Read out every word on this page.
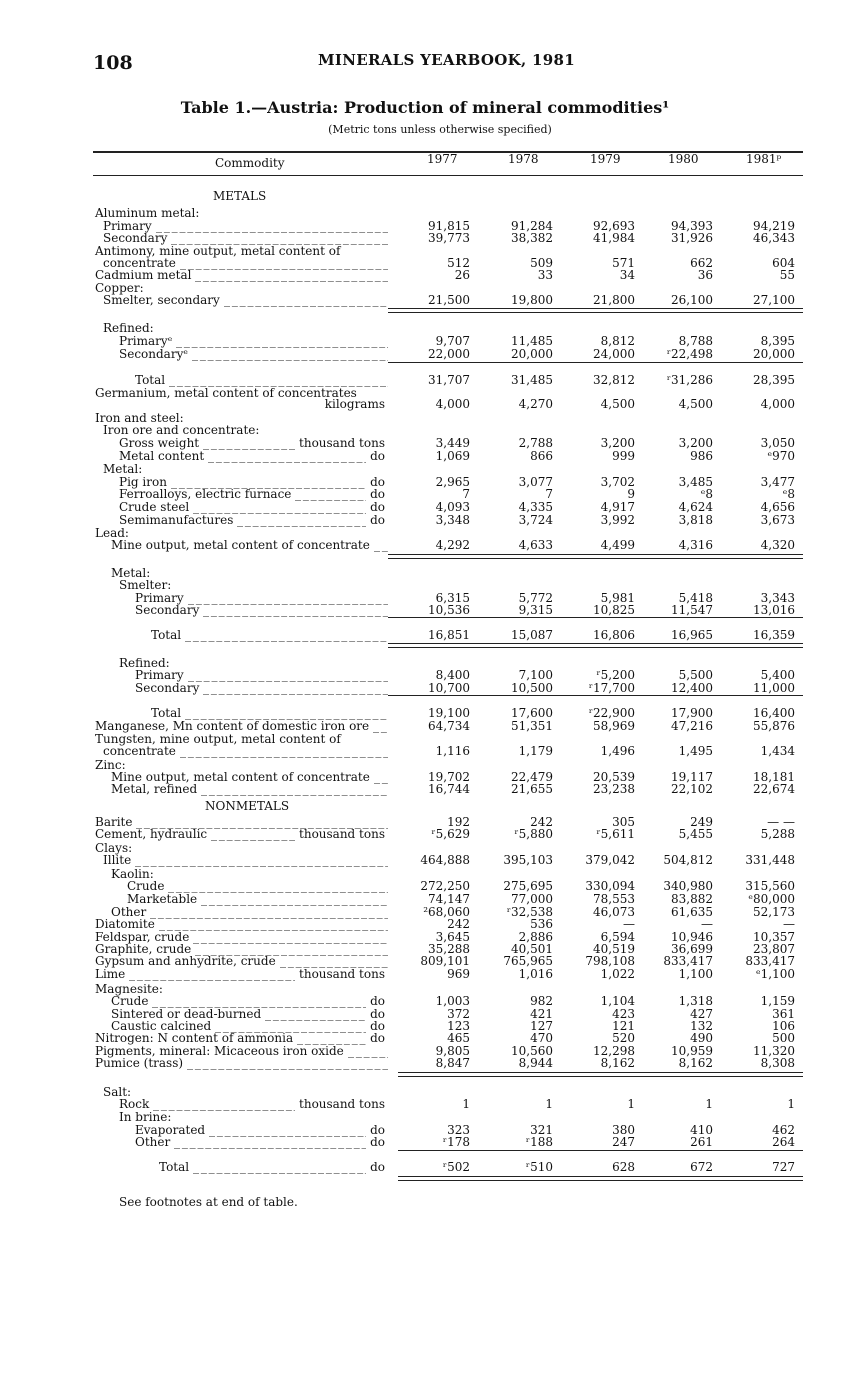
108	MINERALS YEARBOOK, 1981
Table 1.—Austria: Production of mineral commodities¹
(Metric tons unless otherwise specified)
Commodity	1977	1978	1979	1980	1981ᵖ
METALS
NONMETALS
Aluminum metal:
Primary	91,815	91,284	92,693	94,393	94,219
_ _ _
Secondary	39,773	38,382	41,984	31,926	46,343
_ _ _
Antimony, mine output, metal content of
concentrate	512	509	571	662	604
_ _ _
Cadmium metal	26	33	34	36	55
_ _ _
Copper:
Smelter, secondary	21,500	19,800	21,800	26,100	27,100
_ _ _
Refined:
Primaryᵉ	9,707	11,485	8,812	8,788	8,395
_ _ _
Secondaryᵉ	22,000	20,000	24,000	ʳ22,498	20,000
_ _ _
Total	31,707	31,485	32,812	ʳ31,286	28,395
_ _ _
Germanium, metal content of concentrates
kilograms	4,000	4,270	4,500	4,500	4,000
Iron and steel:
Iron ore and concentrate:
Gross weight	thousand tons	3,449	2,788	3,200	3,200	3,050
_ _ _
Metal content	do	1,069	866	999	986	ᵉ970
_ _ _
Metal:
Pig iron	do	2,965	3,077	3,702	3,485	3,477
_ _ _
Ferroalloys, electric furnace	do	7	7	9	ᵉ8	ᵉ8
_ _ _
Crude steel	do	4,093	4,335	4,917	4,624	4,656
_ _ _
Semimanufactures	do	3,348	3,724	3,992	3,818	3,673
_ _ _
Lead:
Mine output, metal content of concentrate	4,292	4,633	4,499	4,316	4,320
_ _ _
Metal:
Smelter:
Primary	6,315	5,772	5,981	5,418	3,343
_ _ _
Secondary	10,536	9,315	10,825	11,547	13,016
_ _ _
Total	16,851	15,087	16,806	16,965	16,359
_ _ _
Refined:
Primary	8,400	7,100	ʳ5,200	5,500	5,400
_ _ _
Secondary	10,700	10,500	ʳ17,700	12,400	11,000
_ _ _
Total	19,100	17,600	ʳ22,900	17,900	16,400
_ _ _
Manganese, Mn content of domestic iron ore	64,734	51,351	58,969	47,216	55,876
_ _ _
Tungsten, mine output, metal content of
concentrate	1,116	1,179	1,496	1,495	1,434
_ _ _
Zinc:
Mine output, metal content of concentrate	19,702	22,479	20,539	19,117	18,181
_ _ _
Metal, refined	16,744	21,655	23,238	22,102	22,674
_ _ _
Barite	192	242	305	249	— —
_ _ _
Cement, hydraulic	thousand tons	ʳ5,629	ʳ5,880	ʳ5,611	5,455	5,288
_ _ _
Clays:
Illite	464,888	395,103	379,042	504,812	331,448
_ _ _
Kaolin:
Crude	272,250	275,695	330,094	340,980	315,560
_ _ _
Marketable	74,147	77,000	78,553	83,882	ᵉ80,000
_ _ _
Other	²68,060	ʳ32,538	46,073	61,635	52,173
_ _ _
Diatomite	242	536	—	—	—
_ _ _
Feldspar, crude	3,645	2,886	6,594	10,946	10,357
_ _ _
Graphite, crude	35,288	40,501	40,519	36,699	23,807
_ _ _
Gypsum and anhydrite, crude	809,101	765,965	798,108	833,417	833,417
_ _ _
Lime	thousand tons	969	1,016	1,022	1,100	ᵉ1,100
_ _ _
Magnesite:
Crude	do	1,003	982	1,104	1,318	1,159
_ _ _
Sintered or dead-burned	do	372	421	423	427	361
_ _ _
Caustic calcined	do	123	127	121	132	106
_ _ _
Nitrogen: N content of ammonia	do	465	470	520	490	500
_ _ _
Pigments, mineral: Micaceous iron oxide	9,805	10,560	12,298	10,959	11,320
_ _ _
Pumice (trass)	8,847	8,944	8,162	8,162	8,308
_ _ _
Salt:
Rock	thousand tons	1	1	1	1	1
_ _ _
In brine:
Evaporated	do	323	321	380	410	462
_ _ _
Other	do	ʳ178	ʳ188	247	261	264
_ _ _
Total	do	ʳ502	ʳ510	628	672	727
_ _ _
See footnotes at end of table.
